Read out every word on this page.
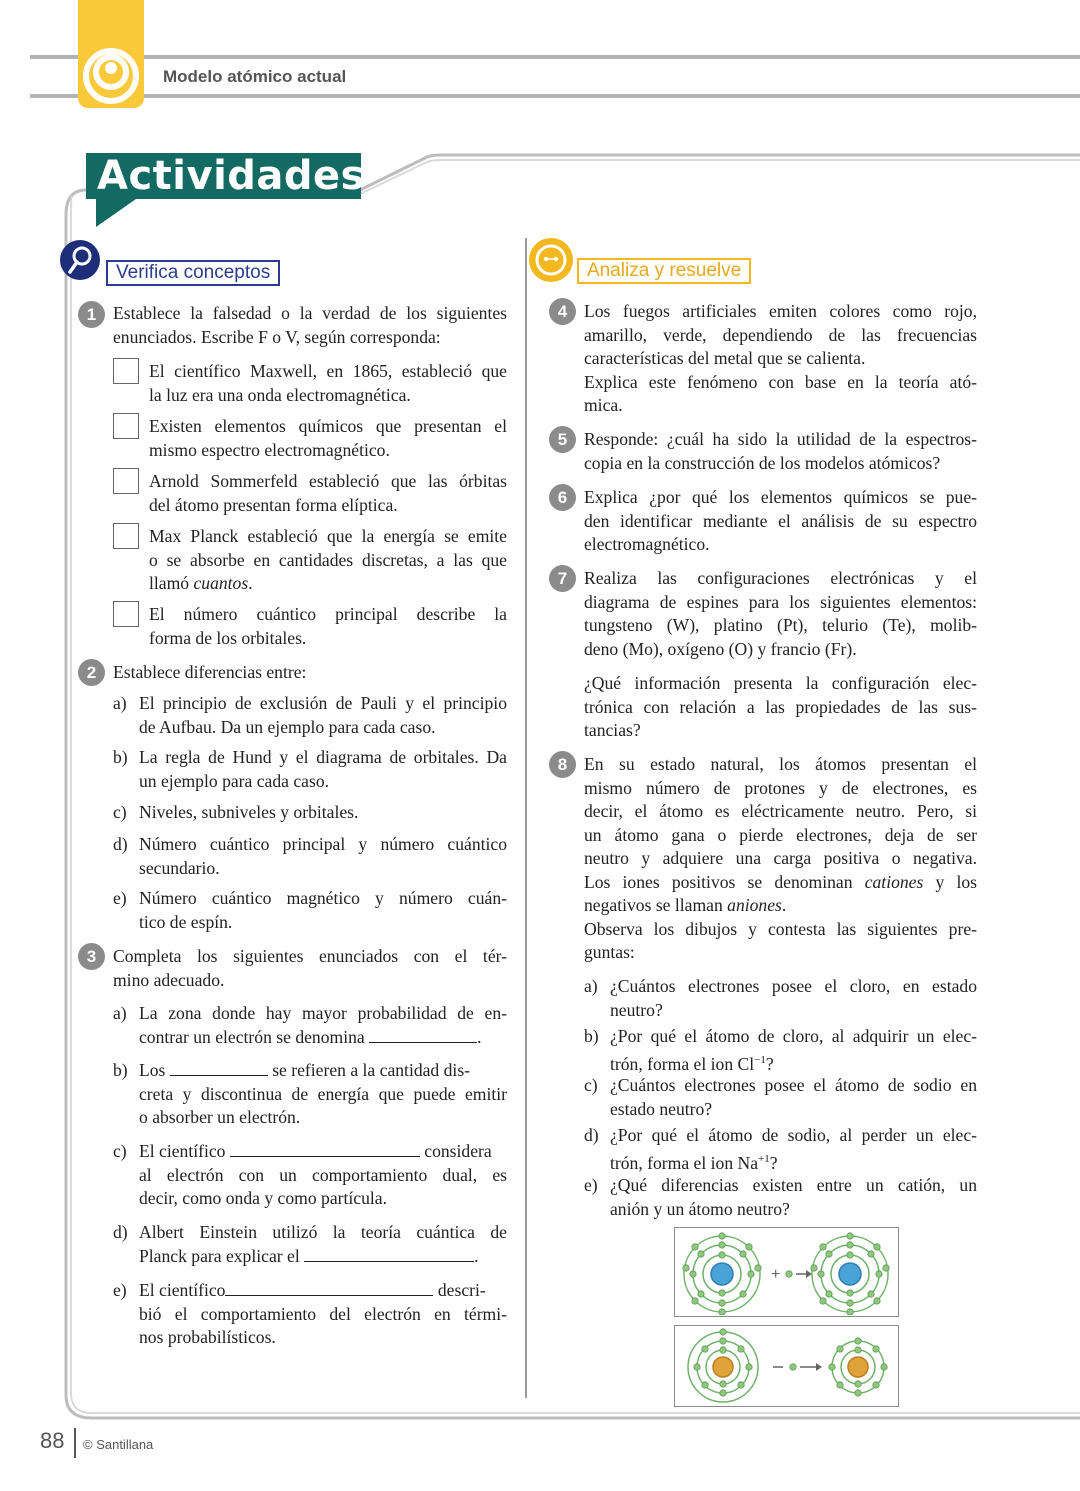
Modelo atómico actual
Actividades
Verifica conceptos	Analiza y resuelve
1 Establece la falsedad o la verdad de los siguientes
enunciados. Escribe F o V, según corresponda:
El científico Maxwell, en 1865, estableció que
la luz era una onda electromagnética.
Existen elementos químicos que presentan el
mismo espectro electromagnético.
Arnold Sommerfeld estableció que las órbitas
del átomo presentan forma elíptica.
Max Planck estableció que la energía se emite
o se absorbe en cantidades discretas, a las que
llamó cuantos.
El número cuántico principal describe la
forma de los orbitales.
2 Establece diferencias entre:
a) El principio de exclusión de Pauli y el principio
de Aufbau. Da un ejemplo para cada caso.
b) La regla de Hund y el diagrama de orbitales. Da
un ejemplo para cada caso.
c) Niveles, subniveles y orbitales.
d) Número cuántico principal y número cuántico
secundario.
e) Número cuántico magnético y número cuán-
tico de espín.
3 Completa los siguientes enunciados con el tér-
mino adecuado.
a) La zona donde hay mayor probabilidad de en-
contrar un electrón se denomina	.
b) Los	se refieren a la cantidad dis-
creta y discontinua de energía que puede emitir
o absorber un electrón.
c) El científico	considera
al electrón con un comportamiento dual, es
decir, como onda y como partícula.
d) Albert Einstein utilizó la teoría cuántica de
Planck para explicar el	.
e) El científico	descri-
bió el comportamiento del electrón en térmi-
nos probabilísticos.
4 Los fuegos artificiales emiten colores como rojo,
amarillo, verde, dependiendo de las frecuencias
características del metal que se calienta.
Explica este fenómeno con base en la teoría ató-
mica.
5 Responde: ¿cuál ha sido la utilidad de la espectros-
copia en la construcción de los modelos atómicos?
6 Explica ¿por qué los elementos químicos se pue-
den identificar mediante el análisis de su espectro
electromagnético.
7 Realiza las configuraciones electrónicas y el
diagrama de espines para los siguientes elementos:
tungsteno (W), platino (Pt), telurio (Te), molib-
deno (Mo), oxígeno (O) y francio (Fr).
¿Qué información presenta la configuración elec-
trónica con relación a las propiedades de las sus-
tancias?
8 En su estado natural, los átomos presentan el
mismo número de protones y de electrones, es
decir, el átomo es eléctricamente neutro. Pero, si
un átomo gana o pierde electrones, deja de ser
neutro y adquiere una carga positiva o negativa.
Los iones positivos se denominan cationes y los
negativos se llaman aniones.
Observa los dibujos y contesta las siguientes pre-
guntas:
a) ¿Cuántos electrones posee el cloro, en estado
neutro?
b) ¿Por qué el átomo de cloro, al adquirir un elec-
trón, forma el ion $Cl^{-1}$?
c) ¿Cuántos electrones posee el átomo de sodio en
estado neutro?
d) ¿Por qué el átomo de sodio, al perder un elec-
trón, forma el ion $Na^{+1}$?
e) ¿Qué diferencias existen entre un catión, un
anión y un átomo neutro?
+
88 © Santillana
